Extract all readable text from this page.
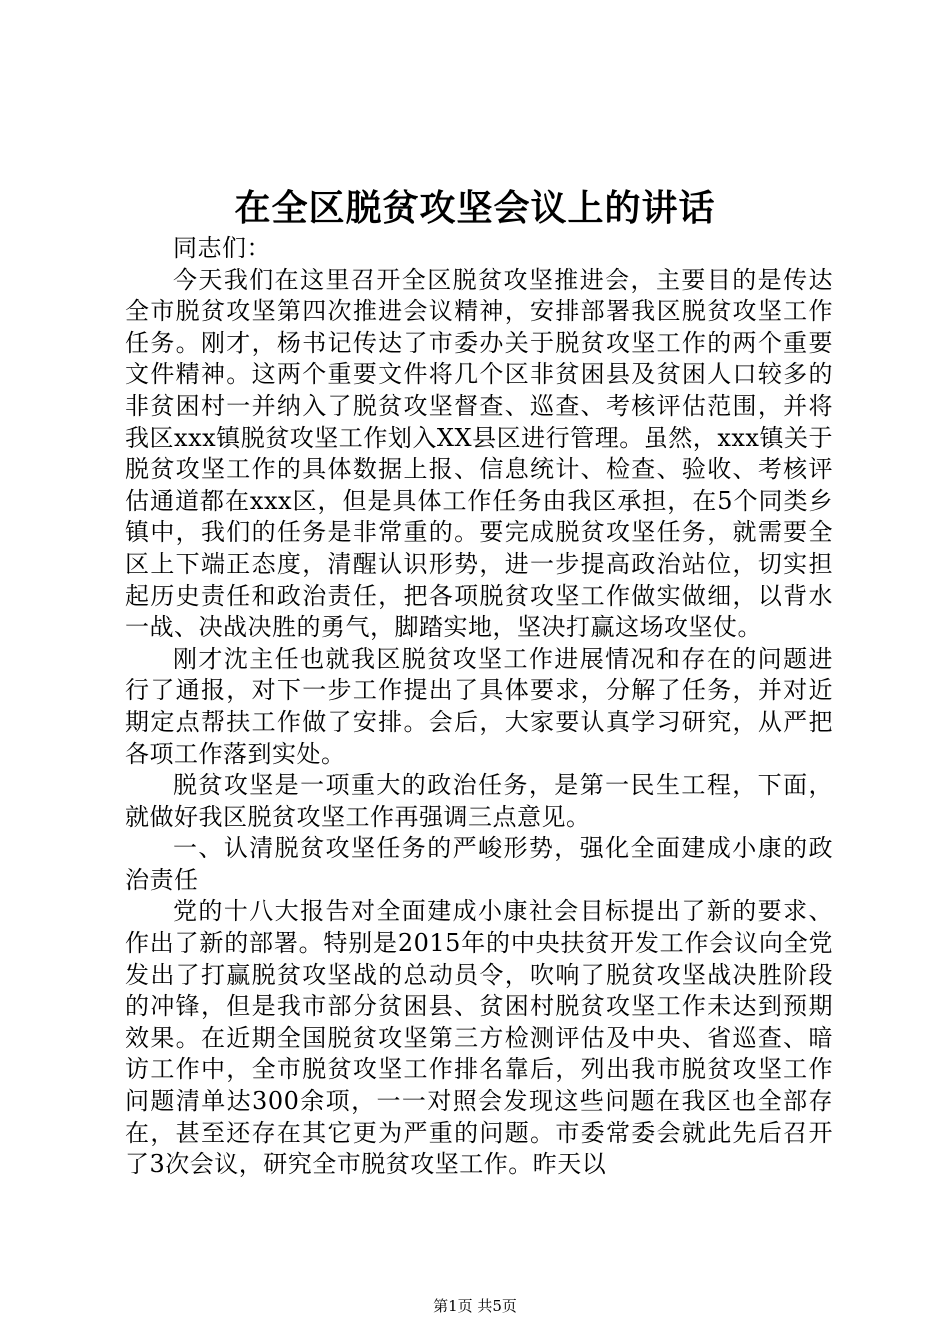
在全区脱贫攻坚会议上的讲话

同志们：

今天我们在这里召开全区脱贫攻坚推进会，主要目的是传达全市脱贫攻坚第四次推进会议精神，安排部署我区脱贫攻坚工作任务。刚才，杨书记传达了市委办关于脱贫攻坚工作的两个重要文件精神。这两个重要文件将几个区非贫困县及贫困人口较多的非贫困村一并纳入了脱贫攻坚督查、巡查、考核评估范围，并将我区xxx镇脱贫攻坚工作划入XX县区进行管理。虽然，xxx镇关于脱贫攻坚工作的具体数据上报、信息统计、检查、验收、考核评估通道都在xxx区，但是具体工作任务由我区承担，在5个同类乡镇中，我们的任务是非常重的。要完成脱贫攻坚任务，就需要全区上下端正态度，清醒认识形势，进一步提高政治站位，切实担起历史责任和政治责任，把各项脱贫攻坚工作做实做细，以背水一战、决战决胜的勇气，脚踏实地，坚决打赢这场攻坚仗。

刚才沈主任也就我区脱贫攻坚工作进展情况和存在的问题进行了通报，对下一步工作提出了具体要求，分解了任务，并对近期定点帮扶工作做了安排。会后，大家要认真学习研究，从严把各项工作落到实处。

脱贫攻坚是一项重大的政治任务，是第一民生工程，下面，就做好我区脱贫攻坚工作再强调三点意见。

一、认清脱贫攻坚任务的严峻形势，强化全面建成小康的政治责任

党的十八大报告对全面建成小康社会目标提出了新的要求、作出了新的部署。特别是2015年的中央扶贫开发工作会议向全党发出了打赢脱贫攻坚战的总动员令，吹响了脱贫攻坚战决胜阶段的冲锋，但是我市部分贫困县、贫困村脱贫攻坚工作未达到预期效果。在近期全国脱贫攻坚第三方检测评估及中央、省巡查、暗访工作中，全市脱贫攻坚工作排名靠后，列出我市脱贫攻坚工作问题清单达300余项，一一对照会发现这些问题在我区也全部存在，甚至还存在其它更为严重的问题。市委常委会就此先后召开了3次会议，研究全市脱贫攻坚工作。昨天以

第1页 共5页
